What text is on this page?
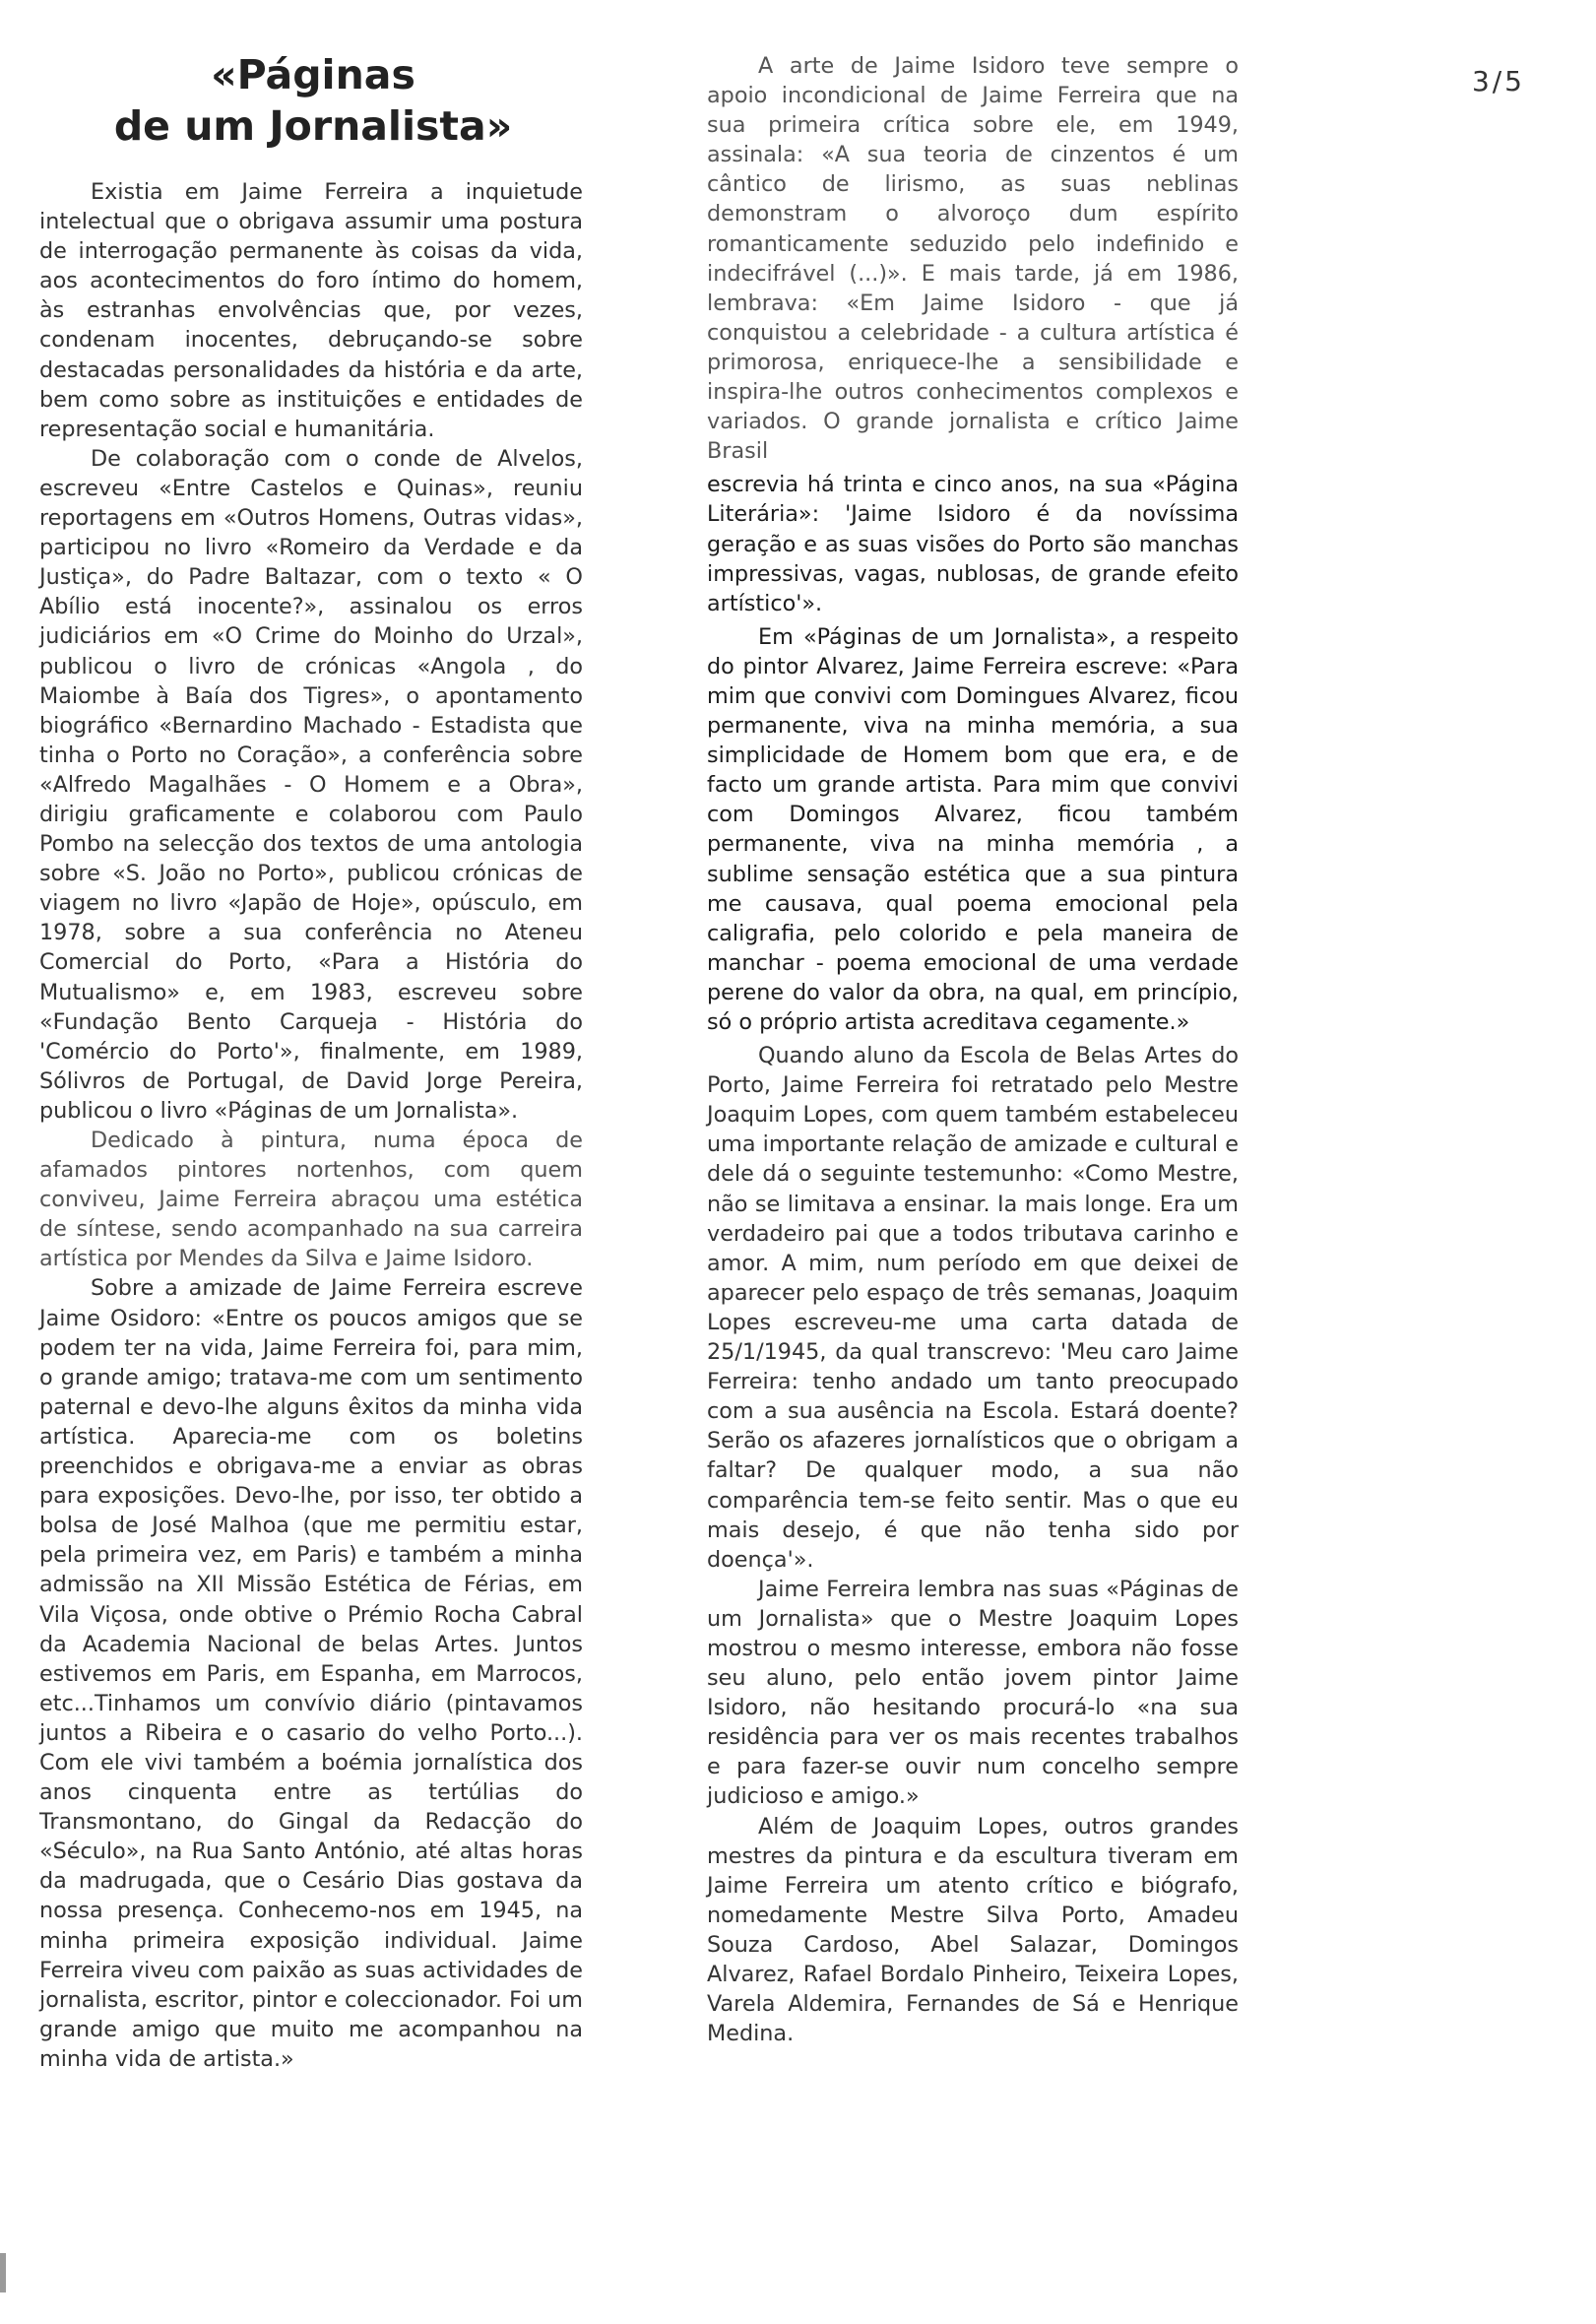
3/5
«Páginas
de um Jornalista»

Existia em Jaime Ferreira a inquietude intelectual que o obrigava assumir uma postura de interrogação permanente às coisas da vida, aos acontecimentos do foro íntimo do homem, às estranhas envolvências que, por vezes, condenam inocentes, debruçando-se sobre destacadas personalidades da história e da arte, bem como sobre as instituições e entidades de representação social e humanitária.

De colaboração com o conde de Alvelos, escreveu «Entre Castelos e Quinas», reuniu reportagens em «Outros Homens, Outras vidas», participou no livro «Romeiro da Verdade e da Justiça», do Padre Baltazar, com o texto « O Abílio está inocente?», assinalou os erros judiciários em «O Crime do Moinho do Urzal», publicou o livro de crónicas «Angola , do Maiombe à Baía dos Tigres», o apontamento biográfico «Bernardino Machado - Estadista que tinha o Porto no Coração», a conferência sobre «Alfredo Magalhães - O Homem e a Obra», dirigiu graficamente e colaborou com Paulo Pombo na selecção dos textos de uma antologia sobre «S. João no Porto», publicou crónicas de viagem no livro «Japão de Hoje», opúsculo, em 1978, sobre a sua conferência no Ateneu Comercial do Porto, «Para a História do Mutualismo» e, em 1983, escreveu sobre «Fundação Bento Carqueja - História do 'Comércio do Porto'», finalmente, em 1989, Sólivros de Portugal, de David Jorge Pereira, publicou o livro «Páginas de um Jornalista».

Dedicado à pintura, numa época de afamados pintores nortenhos, com quem conviveu, Jaime Ferreira abraçou uma estética de síntese, sendo acompanhado na sua carreira artística por Mendes da Silva e Jaime Isidoro.

Sobre a amizade de Jaime Ferreira escreve Jaime Osidoro: «Entre os poucos amigos que se podem ter na vida, Jaime Ferreira foi, para mim, o grande amigo; tratava-me com um sentimento paternal e devo-lhe alguns êxitos da minha vida artística. Aparecia-me com os boletins preenchidos e obrigava-me a enviar as obras para exposições. Devo-lhe, por isso, ter obtido a bolsa de José Malhoa (que me permitiu estar, pela primeira vez, em Paris) e também a minha admissão na XII Missão Estética de Férias, em Vila Viçosa, onde obtive o Prémio Rocha Cabral da Academia Nacional de belas Artes. Juntos estivemos em Paris, em Espanha, em Marrocos, etc...Tinhamos um convívio diário (pintavamos juntos a Ribeira e o casario do velho Porto...). Com ele vivi também a boémia jornalística dos anos cinquenta entre as tertúlias do Transmontano, do Gingal da Redacção do «Século», na Rua Santo António, até altas horas da madrugada, que o Cesário Dias gostava da nossa presença. Conhecemo-nos em 1945, na minha primeira exposição individual. Jaime Ferreira viveu com paixão as suas actividades de jornalista, escritor, pintor e coleccionador. Foi um grande amigo que muito me acompanhou na minha vida de artista.»

A arte de Jaime Isidoro teve sempre o apoio incondicional de Jaime Ferreira que na sua primeira crítica sobre ele, em 1949, assinala: «A sua teoria de cinzentos é um cântico de lirismo, as suas neblinas demonstram o alvoroço dum espírito romanticamente seduzido pelo indefinido e indecifrável (...)». E mais tarde, já em 1986, lembrava: «Em Jaime Isidoro - que já conquistou a celebridade - a cultura artística é primorosa, enriquece-lhe a sensibilidade e inspira-lhe outros conhecimentos complexos e variados. O grande jornalista e crítico Jaime Brasil

escrevia há trinta e cinco anos, na sua «Página Literária»: 'Jaime Isidoro é da novíssima geração e as suas visões do Porto são manchas impressivas, vagas, nublosas, de grande efeito artístico'».

Em «Páginas de um Jornalista», a respeito do pintor Alvarez, Jaime Ferreira escreve: «Para mim que convivi com Domingues Alvarez, ficou permanente, viva na minha memória, a sua simplicidade de Homem bom que era, e de facto um grande artista. Para mim que convivi com Domingos Alvarez, ficou também permanente, viva na minha memória , a sublime sensação estética que a sua pintura me causava, qual poema emocional pela caligrafia, pelo colorido e pela maneira de manchar - poema emocional de uma verdade perene do valor da obra, na qual, em princípio, só o próprio artista acreditava cegamente.»

Quando aluno da Escola de Belas Artes do Porto, Jaime Ferreira foi retratado pelo Mestre Joaquim Lopes, com quem também estabeleceu uma importante relação de amizade e cultural e dele dá o seguinte testemunho: «Como Mestre, não se limitava a ensinar. Ia mais longe. Era um verdadeiro pai que a todos tributava carinho e amor. A mim, num período em que deixei de aparecer pelo espaço de três semanas, Joaquim Lopes escreveu-me uma carta datada de 25/1/1945, da qual transcrevo: 'Meu caro Jaime Ferreira: tenho andado um tanto preocupado com a sua ausência na Escola. Estará doente? Serão os afazeres jornalísticos que o obrigam a faltar? De qualquer modo, a sua não comparência tem-se feito sentir. Mas o que eu mais desejo, é que não tenha sido por doença'».

Jaime Ferreira lembra nas suas «Páginas de um Jornalista» que o Mestre Joaquim Lopes mostrou o mesmo interesse, embora não fosse seu aluno, pelo então jovem pintor Jaime Isidoro, não hesitando procurá-lo «na sua residência para ver os mais recentes trabalhos e para fazer-se ouvir num concelho sempre judicioso e amigo.»

Além de Joaquim Lopes, outros grandes mestres da pintura e da escultura tiveram em Jaime Ferreira um atento crítico e biógrafo, nomedamente Mestre Silva Porto, Amadeu Souza Cardoso, Abel Salazar, Domingos Alvarez, Rafael Bordalo Pinheiro, Teixeira Lopes, Varela Aldemira, Fernandes de Sá e Henrique Medina.
